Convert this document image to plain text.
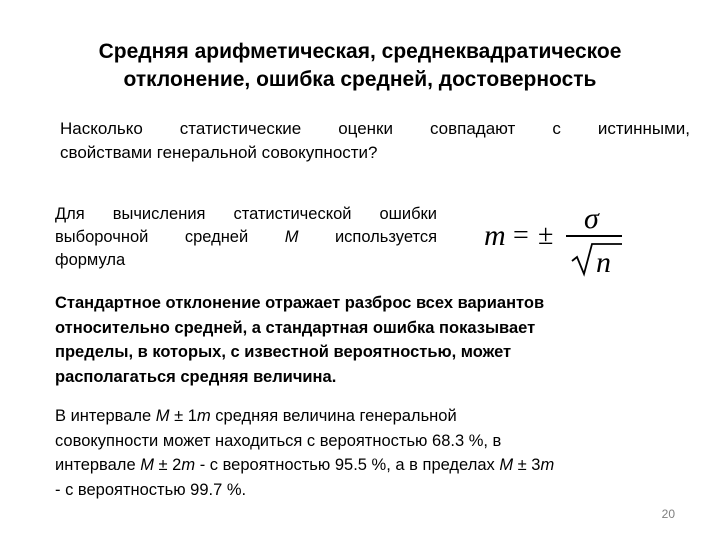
Средняя арифметическая, среднеквадратическое
отклонение, ошибка средней, достоверность
Насколько статистические оценки совпадают с истинными,
свойствами генеральной совокупности?
Для вычисления статистической ошибки
выборочной средней М используется
формула
m = ±
σ
n
Стандартное отклонение отражает разброс всех вариантов
относительно средней, а стандартная ошибка показывает
пределы, в которых, с известной вероятностью, может
располагаться средняя величина.
В интервале М ± 1m средняя величина генеральной
совокупности может находиться с вероятностью 68.3 %, в
интервале М ± 2m - с вероятностью 95.5 %, а в пределах М ± 3m
- с вероятностью 99.7 %.
20
